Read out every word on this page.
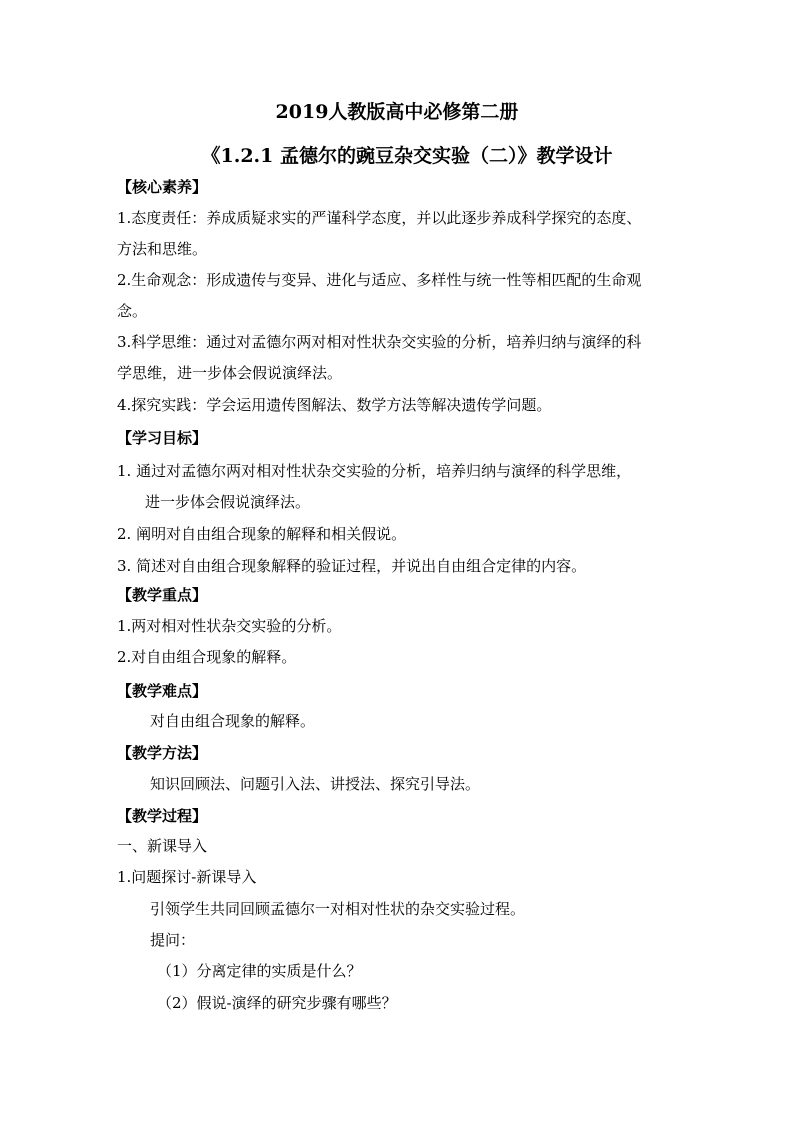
2019人教版高中必修第二册
《1.2.1 孟德尔的豌豆杂交实验（二）》教学设计
【核心素养】
1.态度责任：养成质疑求实的严谨科学态度，并以此逐步养成科学探究的态度、
方法和思维。
2.生命观念：形成遗传与变异、进化与适应、多样性与统一性等相匹配的生命观
念。
3.科学思维：通过对孟德尔两对相对性状杂交实验的分析，培养归纳与演绎的科
学思维，进一步体会假说演绎法。
4.探究实践：学会运用遗传图解法、数学方法等解决遗传学问题。
【学习目标】
1. 通过对孟德尔两对相对性状杂交实验的分析，培养归纳与演绎的科学思维，
进一步体会假说演绎法。
2. 阐明对自由组合现象的解释和相关假说。
3. 简述对自由组合现象解释的验证过程，并说出自由组合定律的内容。
【教学重点】
1.两对相对性状杂交实验的分析。
2.对自由组合现象的解释。
【教学难点】
对自由组合现象的解释。
【教学方法】
知识回顾法、问题引入法、讲授法、探究引导法。
【教学过程】
一、新课导入
1.问题探讨-新课导入
引领学生共同回顾孟德尔一对相对性状的杂交实验过程。
提问：
（1）分离定律的实质是什么？
（2）假说-演绎的研究步骤有哪些？
